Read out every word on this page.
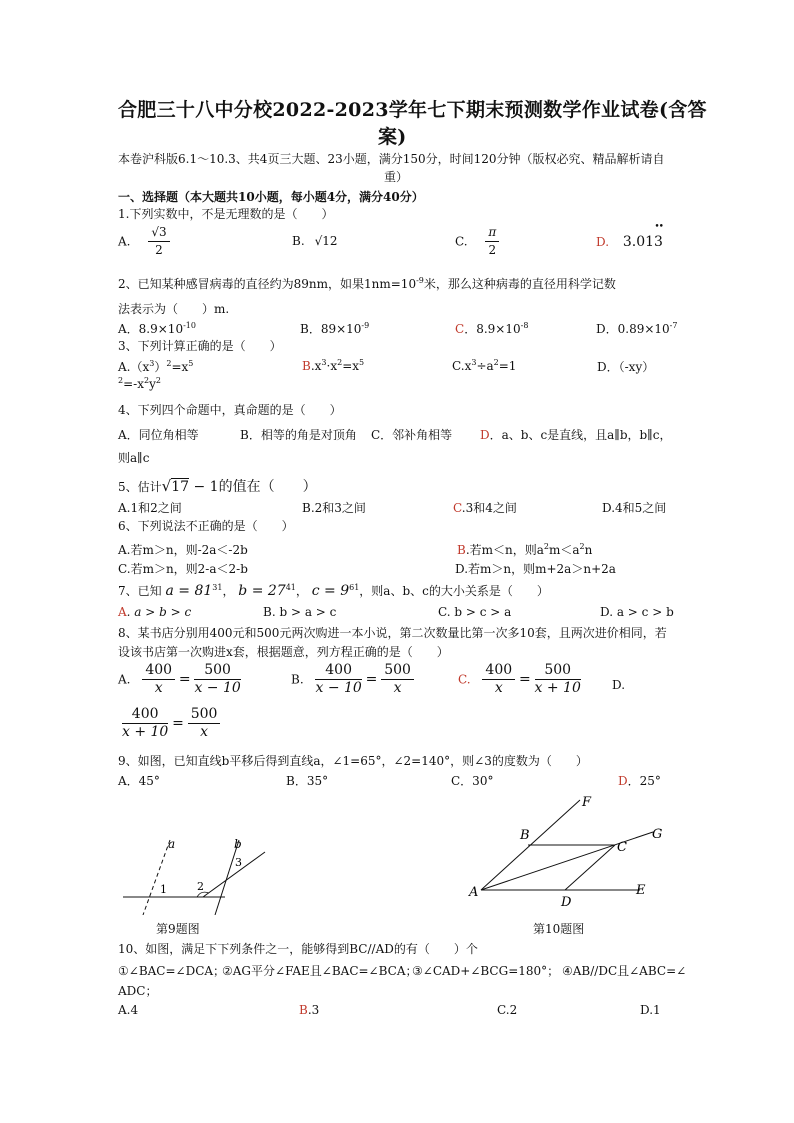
合肥三十八中分校2022-2023学年七下期末预测数学作业试卷(含答
案)
本卷沪科版6.1～10.3、共4页三大题、23小题，满分150分，时间120分钟（版权必究、精品解析请自
重）
一、选择题（本大题共10小题，每小题4分，满分40分）
1.下列实数中，不是无理数的是（　　）
A. $\frac{√3}{2}$	B. √12	C. $\frac{\pi}{2}$	D. 3.013
••
2、已知某种感冒病毒的直径约为89nm，如果$1nm=10^{-9}$米，那么这种病毒的直径用科学记数
法表示为（　　）m.
A．$8.9\times 10^{-10}$	B．$89\times 10^{-9}$	C．$8.9\times 10^{-8}$	D．$0.89\times 10^{-7}$
3、下列计算正确的是（　　）
$A.(x^3)^2=x^5$	$B.x^3\cdot x^2=x^5$	$C.x^3\div a^2=1$	D．（-xy）
$^2=-x^2y^2$
4、下列四个命题中，真命题的是（　　）
A．同位角相等	B．相等的角是对顶角 C．邻补角相等 D．a、b、c是直线，且a∥b，b∥c，
则a∥c
5、估计√17 − 1的值在（　　）
A.1和2之间	B.2和3之间	C.3和4之间	D.4和5之间
6、下列说法不正确的是（　　）
A.若m＞n，则-2a＜-2b	B.若m＜n，则$a^2m<a^2n$
C.若m＞n，则2-a＜2-b	D.若m＞n，则m+2a＞n+2a
7、已知 $a = 81^{31}$， $b = 27^{41}$， $c = 9^{61}$，则a、b、c的大小关系是（　　）
A. a > b > c	B. b > a > c	C. b > c > a	D. a > c > b
8、某书店分别用400元和500元两次购进一本小说，第二次数量比第一次多10套，且两次进价相同，若
设该书店第一次购进x套，根据题意，列方程正确的是（　　）
A. $\frac{400}{x} = \frac{500}{x - 10}$	B. $\frac{400}{x - 10} = \frac{500}{x}$	C. $\frac{400}{x} = \frac{500}{x + 10}$	D.
$\frac{400}{x + 10} = \frac{500}{x}$
9、如图，已知直线b平移后得到直线a，∠1=65°，∠2=140°，则∠3的度数为（　　）
A．45°	B．35°	C．30°	D．25°
a	b
1	2
3
第9题图
A
B
C
D
E
F
G
第10题图
10、如图，满足下下列条件之一，能够得到BC//AD的有（　　）个
①∠BAC=∠DCA；
②AG平分∠FAE且∠BAC=∠BCA；
③∠CAD+∠BCG=180°； ④AB//DC且∠ABC=∠
ADC；
A.4	B.3	C.2	D.1
